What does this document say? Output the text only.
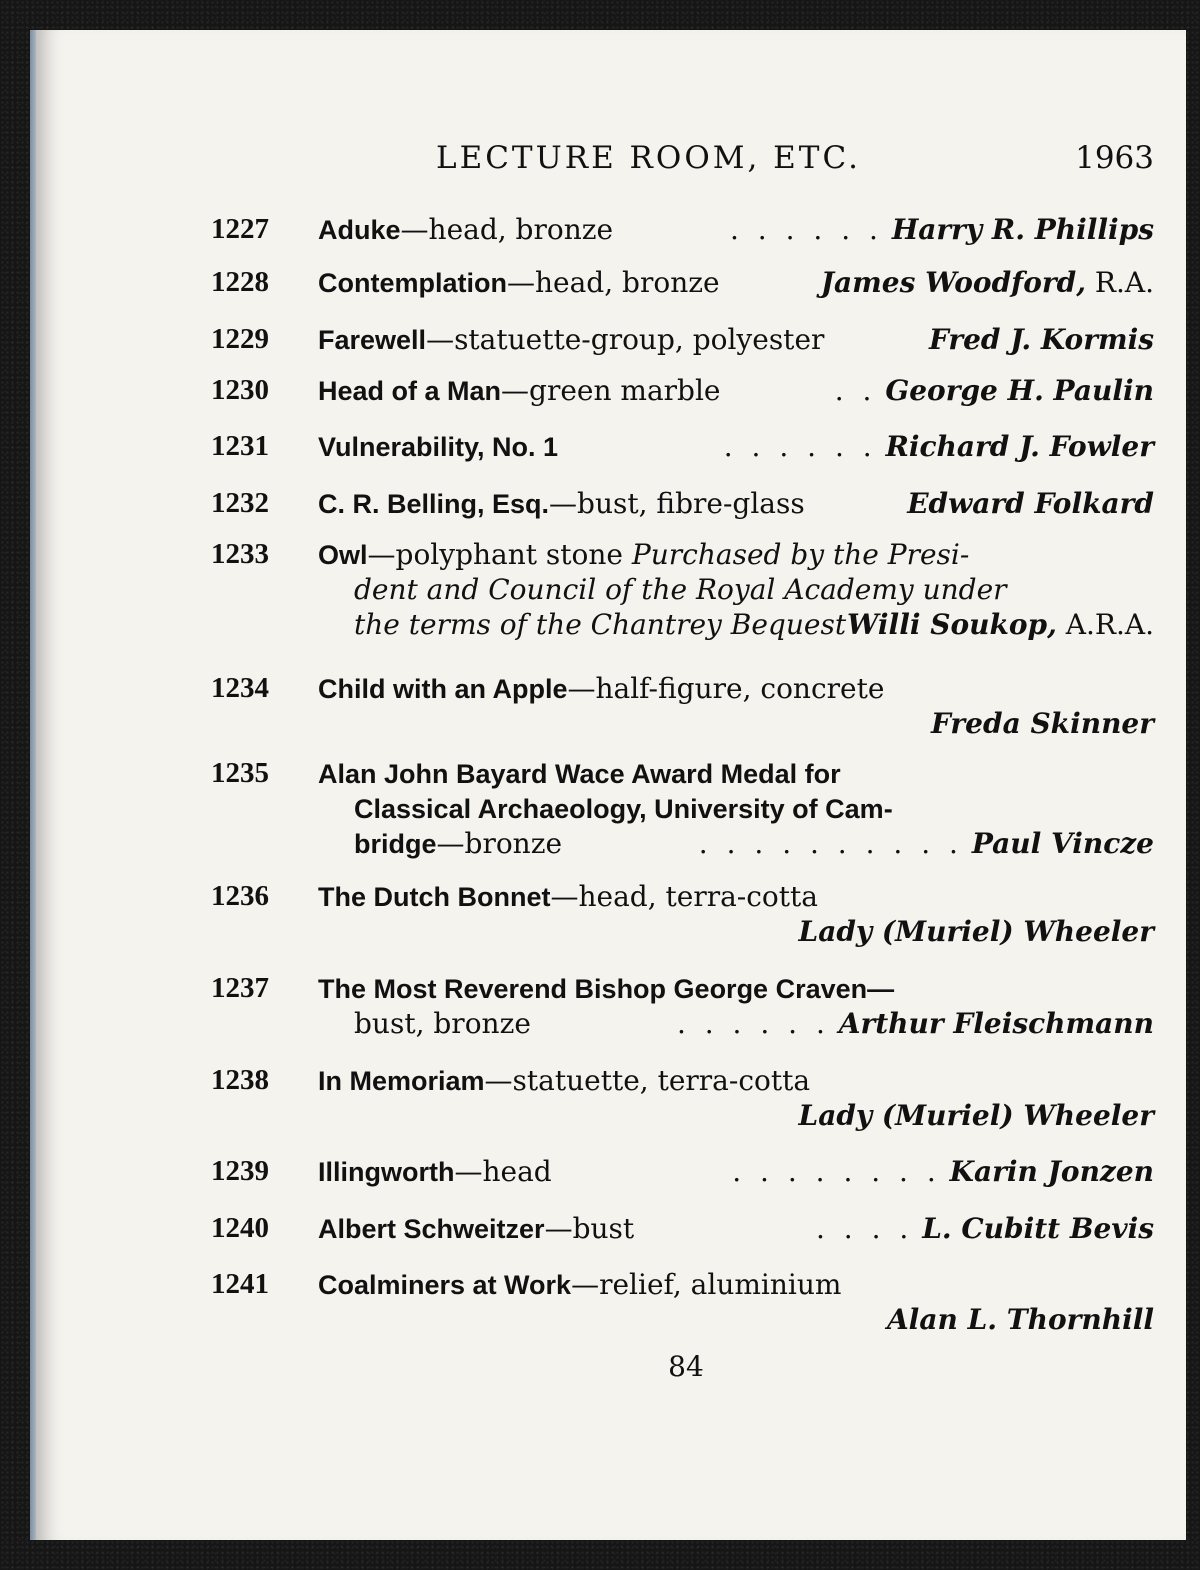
LECTURE ROOM, ETC.	1963
1227 Aduke—head, bronze	. . . . . . Harry R. Phillips
1228 Contemplation—head, bronze	James Woodford, R.A.
1229 Farewell—statuette-group, polyester	Fred J. Kormis
1230 Head of a Man—green marble	. . George H. Paulin
1231 Vulnerability, No. 1	. . . . . . Richard J. Fowler
1232 C. R. Belling, Esq.—bust, fibre-glass	Edward Folkard
1233 Owl—polyphant stone Purchased by the Presi-
dent and Council of the Royal Academy under
the terms of the Chantrey Bequest Willi Soukop, A.R.A.
1234 Child with an Apple—half-figure, concrete
Freda Skinner
1235 Alan John Bayard Wace Award Medal for
Classical Archaeology, University of Cam-
bridge—bronze	. . . . . . . . . . Paul Vincze
1236 The Dutch Bonnet—head, terra-cotta
Lady (Muriel) Wheeler
1237 The Most Reverend Bishop George Craven—
bust, bronze	. . . . . . Arthur Fleischmann
1238 In Memoriam—statuette, terra-cotta
Lady (Muriel) Wheeler
1239 Illingworth—head	. . . . . . . . Karin Jonzen
1240 Albert Schweitzer—bust	. . . . L. Cubitt Bevis
1241 Coalminers at Work—relief, aluminium
Alan L. Thornhill
84
